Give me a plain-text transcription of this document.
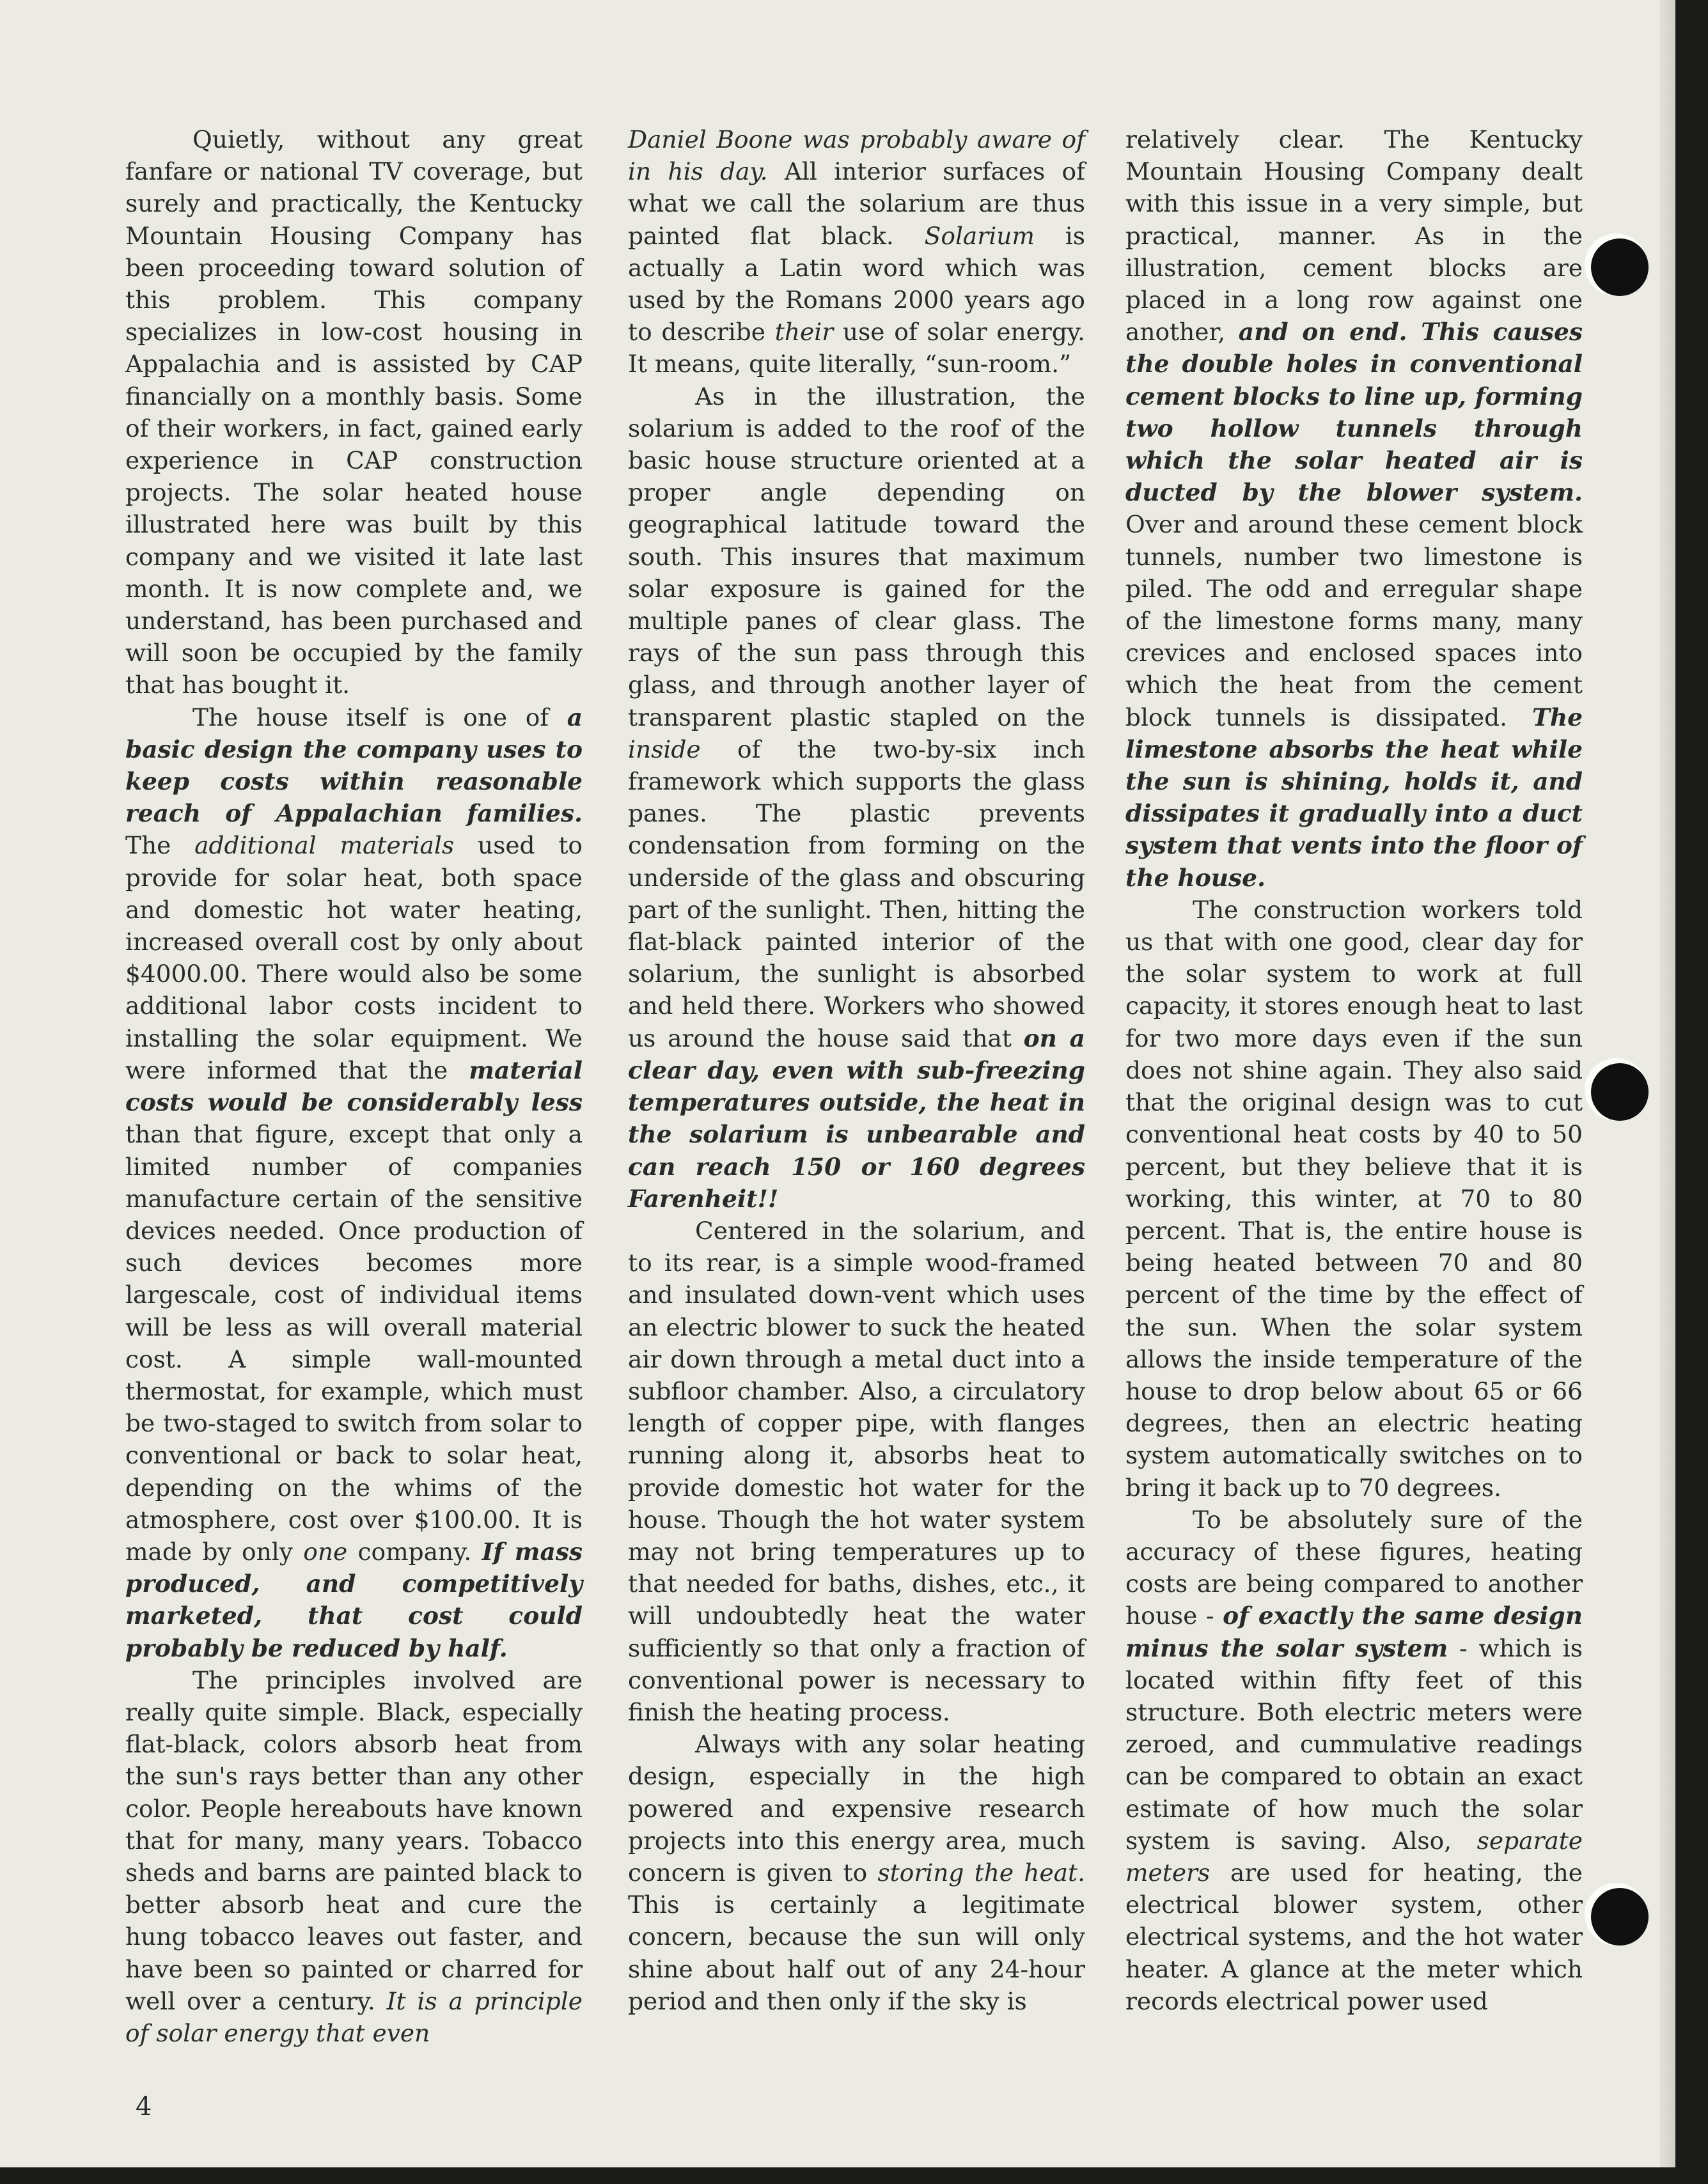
Quietly, without any great fanfare or national TV coverage, but surely and practically, the Kentucky Mountain Housing Company has been proceeding toward solution of this problem. This company specializes in low-cost housing in Appalachia and is assisted by CAP financially on a monthly basis. Some of their workers, in fact, gained early experience in CAP construction projects. The solar heated house illustrated here was built by this company and we visited it late last month. It is now complete and, we understand, has been purchased and will soon be occupied by the family that has bought it.

The house itself is one of a basic design the company uses to keep costs within reasonable reach of Appalachian families. The additional materials used to provide for solar heat, both space and domestic hot water heating, increased overall cost by only about $4000.00. There would also be some additional labor costs incident to installing the solar equipment. We were informed that the material costs would be considerably less than that figure, except that only a limited number of companies manufacture certain of the sensitive devices needed. Once production of such devices becomes more largescale, cost of individual items will be less as will overall material cost. A simple wall-mounted thermostat, for example, which must be two-staged to switch from solar to conventional or back to solar heat, depending on the whims of the atmosphere, cost over $100.00. It is made by only one company. If mass produced, and competitively marketed, that cost could probably be reduced by half.

The principles involved are really quite simple. Black, especially flat-black, colors absorb heat from the sun's rays better than any other color. People hereabouts have known that for many, many years. Tobacco sheds and barns are painted black to better absorb heat and cure the hung tobacco leaves out faster, and have been so painted or charred for well over a century. It is a principle of solar energy that even

Daniel Boone was probably aware of in his day. All interior surfaces of what we call the solarium are thus painted flat black. Solarium is actually a Latin word which was used by the Romans 2000 years ago to describe their use of solar energy. It means, quite literally, “sun-room.”

As in the illustration, the solarium is added to the roof of the basic house structure oriented at a proper angle depending on geographical latitude toward the south. This insures that maximum solar exposure is gained for the multiple panes of clear glass. The rays of the sun pass through this glass, and through another layer of transparent plastic stapled on the inside of the two-by-six inch framework which supports the glass panes. The plastic prevents condensation from forming on the underside of the glass and obscuring part of the sunlight. Then, hitting the flat-black painted interior of the solarium, the sunlight is absorbed and held there. Workers who showed us around the house said that on a clear day, even with sub-freezing temperatures outside, the heat in the solarium is unbearable and can reach 150 or 160 degrees Farenheit!!

Centered in the solarium, and to its rear, is a simple wood-framed and insulated down-vent which uses an electric blower to suck the heated air down through a metal duct into a subfloor chamber. Also, a circulatory length of copper pipe, with flanges running along it, absorbs heat to provide domestic hot water for the house. Though the hot water system may not bring temperatures up to that needed for baths, dishes, etc., it will undoubtedly heat the water sufficiently so that only a fraction of conventional power is necessary to finish the heating process.

Always with any solar heating design, especially in the high powered and expensive research projects into this energy area, much concern is given to storing the heat. This is certainly a legitimate concern, because the sun will only shine about half out of any 24-hour period and then only if the sky is

relatively clear. The Kentucky Mountain Housing Company dealt with this issue in a very simple, but practical, manner. As in the illustration, cement blocks are placed in a long row against one another, and on end. This causes the double holes in conventional cement blocks to line up, forming two hollow tunnels through which the solar heated air is ducted by the blower system. Over and around these cement block tunnels, number two limestone is piled. The odd and erregular shape of the limestone forms many, many crevices and enclosed spaces into which the heat from the cement block tunnels is dissipated. The limestone absorbs the heat while the sun is shining, holds it, and dissipates it gradually into a duct system that vents into the floor of the house.

The construction workers told us that with one good, clear day for the solar system to work at full capacity, it stores enough heat to last for two more days even if the sun does not shine again. They also said that the original design was to cut conventional heat costs by 40 to 50 percent, but they believe that it is working, this winter, at 70 to 80 percent. That is, the entire house is being heated between 70 and 80 percent of the time by the effect of the sun. When the solar system allows the inside temperature of the house to drop below about 65 or 66 degrees, then an electric heating system automatically switches on to bring it back up to 70 degrees.

To be absolutely sure of the accuracy of these figures, heating costs are being compared to another house - of exactly the same design minus the solar system - which is located within fifty feet of this structure. Both electric meters were zeroed, and cummulative readings can be compared to obtain an exact estimate of how much the solar system is saving. Also, separate meters are used for heating, the electrical blower system, other electrical systems, and the hot water heater. A glance at the meter which records electrical power used

4
